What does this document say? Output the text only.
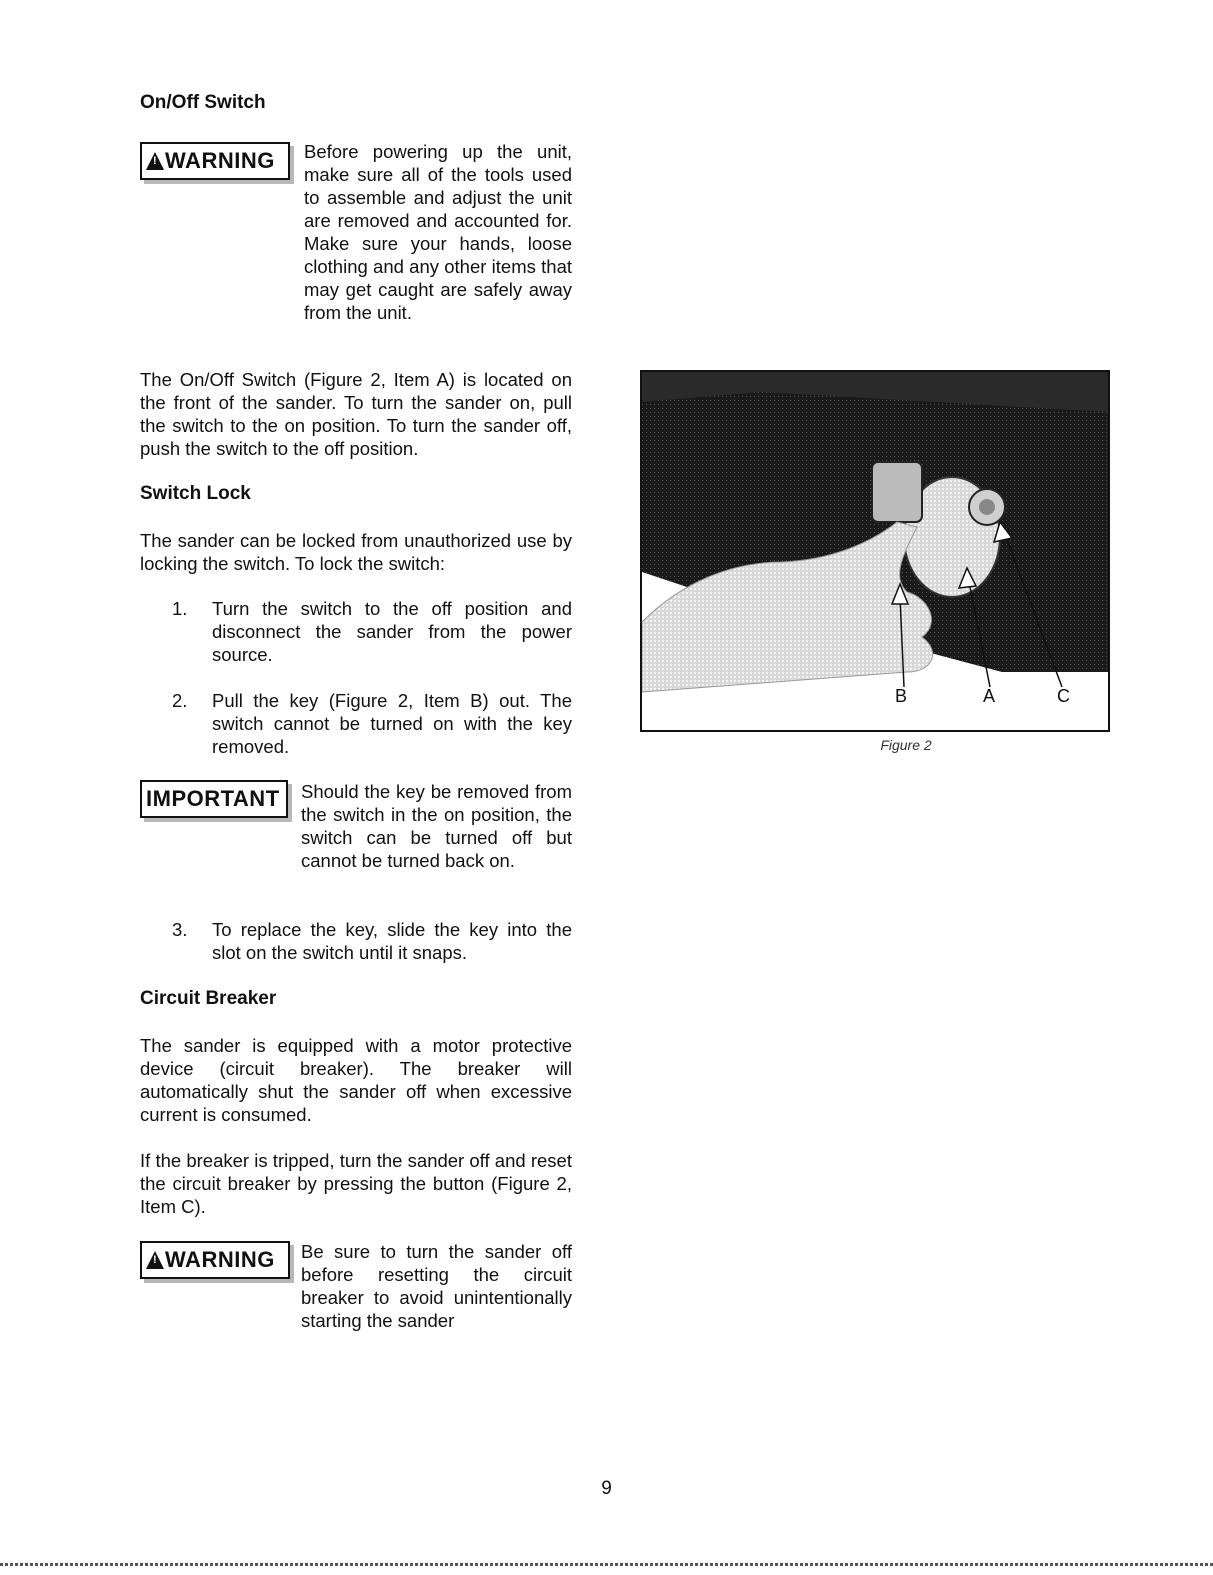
On/Off Switch
!
WARNING Before powering up the unit, make sure all of the tools used to assemble and adjust the unit are removed and accounted for. Make sure your hands, loose clothing and any other items that may get caught are safely away from the unit.

The On/Off Switch (Figure 2, Item A) is located on the front of the sander. To turn the sander on, pull the switch to the on position. To turn the sander off, push the switch to the off position.

Switch Lock

The sander can be locked from unauthorized use by locking the switch. To lock the switch:

1. Turn the switch to the off position and disconnect the sander from the power source.

2. Pull the key (Figure 2, Item B) out. The switch cannot be turned on with the key removed.

IMPORTANT Should the key be removed from the switch in the on position, the switch can be turned off but cannot be turned back on.

3. To replace the key, slide the key into the slot on the switch until it snaps.

Circuit Breaker

The sander is equipped with a motor protective device (circuit breaker). The breaker will automatically shut the sander off when excessive current is consumed.

If the breaker is tripped, turn the sander off and reset the circuit breaker by pressing the button (Figure 2, Item C).

!
WARNING Be sure to turn the sander off before resetting the circuit breaker to avoid unintentionally starting the sander

B	A	C
Figure 2
9
